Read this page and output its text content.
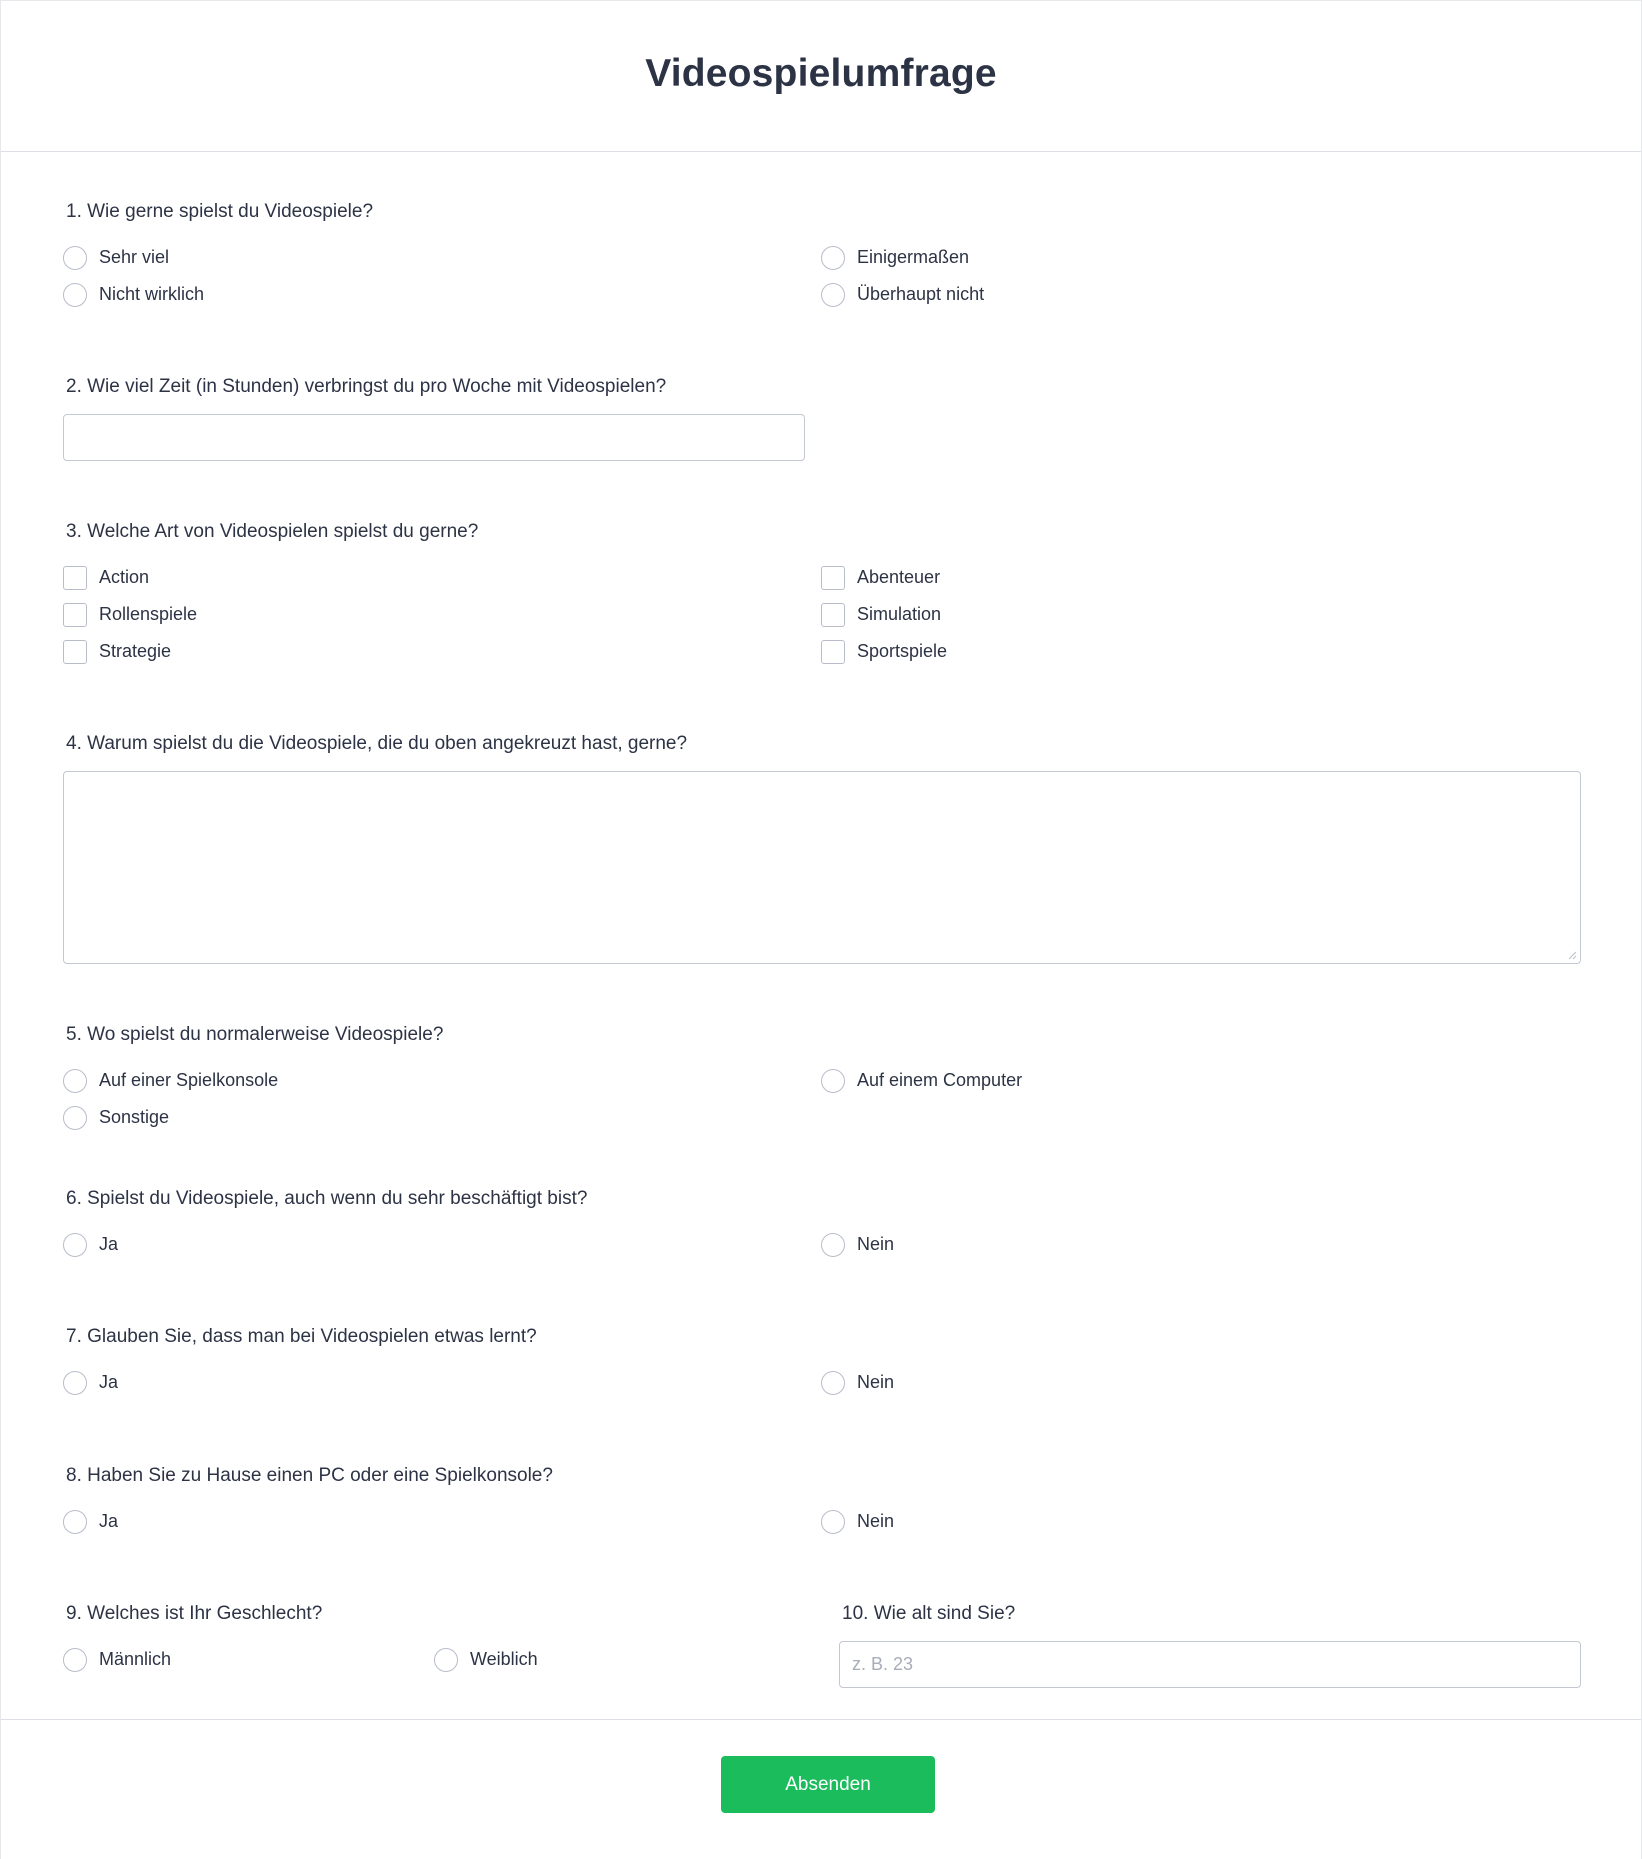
Videospielumfrage
1. Wie gerne spielst du Videospiele?
Sehr viel	Einigermaßen
Nicht wirklich	Überhaupt nicht
2. Wie viel Zeit (in Stunden) verbringst du pro Woche mit Videospielen?
3. Welche Art von Videospielen spielst du gerne?
Action	Abenteuer
Rollenspiele	Simulation
Strategie	Sportspiele
4. Warum spielst du die Videospiele, die du oben angekreuzt hast, gerne?
5. Wo spielst du normalerweise Videospiele?
Auf einer Spielkonsole	Auf einem Computer
Sonstige
6. Spielst du Videospiele, auch wenn du sehr beschäftigt bist?
Ja	Nein
7. Glauben Sie, dass man bei Videospielen etwas lernt?
Ja	Nein
8. Haben Sie zu Hause einen PC oder eine Spielkonsole?
Ja	Nein
9. Welches ist Ihr Geschlecht?
Männlich	Weiblich
10. Wie alt sind Sie?
z. B. 23
Absenden
